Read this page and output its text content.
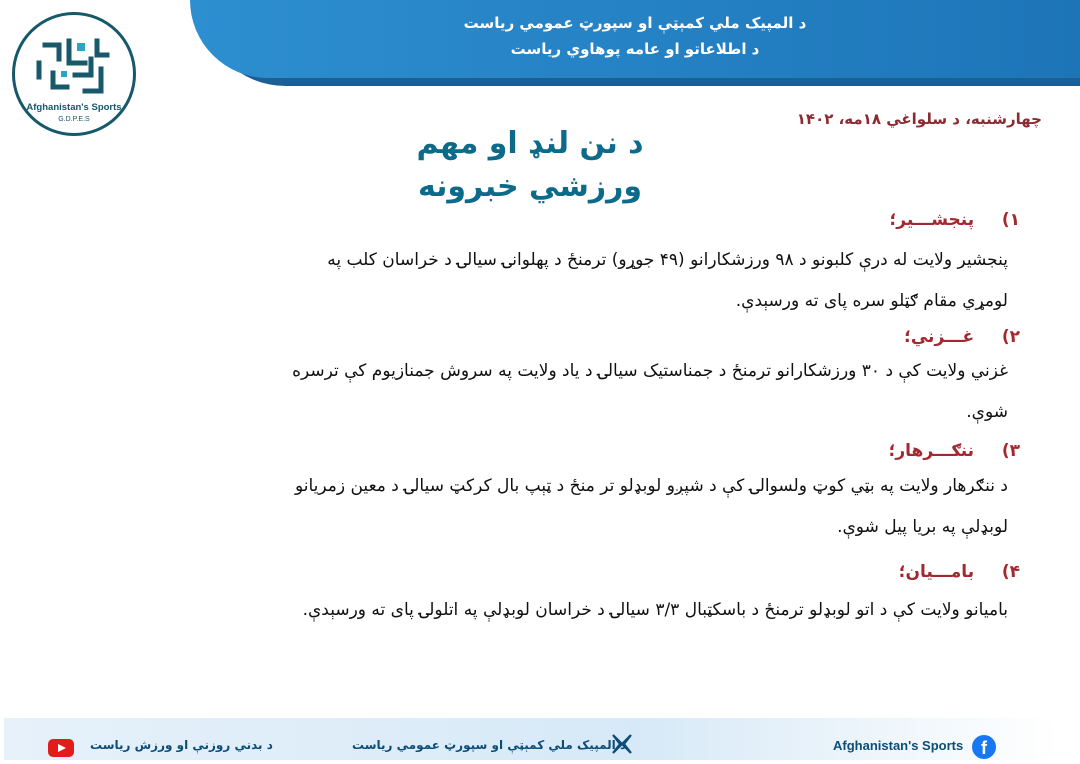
د المپیک ملي کمېټې او سپورټ عمومي رياست
د اطلاعاتو او عامه پوهاوي رياست
Afghanistan's Sports
G.D.P.E.S	چهارشنبه، د سلواغي ۱۸مه، ۱۴۰۲
د نن لنډ او مهم
ورزشي خبرونه
۱) پنجشـــير؛
پنجشير ولايت له درې کلبونو د ۹۸ ورزشکارانو (۴۹ جوړو) ترمنځ د پهلوانۍ سيالۍ د خراسان کلب په
لومړي مقام ګټلو سره پای ته ورسېدې.
۲) غـــزني؛
غزني ولايت کې د ۳۰ ورزشکارانو ترمنځ د جمناستيک سيالۍ د ياد ولايت په سروش جمنازيوم کې ترسره
شوې.
۳) ننګـــرهار؛
د ننګرهار ولايت په بټي کوټ ولسوالۍ کې د شپږو لوبډلو تر منځ د ټېپ بال کرکټ سيالۍ د معين زمريانو
لوبډلې په بريا پيل شوې.
۴) بامـــيان؛
باميانو ولايت کې د اتو لوبډلو ترمنځ د باسکټبال ۳/۳ سيالۍ د خراسان لوبډلې په اتلولۍ پای ته ورسېدې.
د بدني روزنې او ورزش رياست	د المپیک ملي کمېټې او سپورټ عمومي رياست	Afghanistan's Sports f
